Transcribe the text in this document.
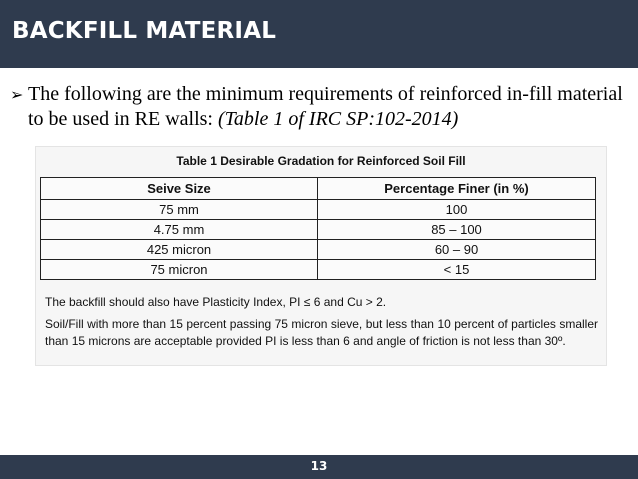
BACKFILL MATERIAL
➢ The following are the minimum requirements of reinforced in-fill material to be used in RE walls: (Table 1 of IRC SP:102-2014)
Table 1 Desirable Gradation for Reinforced Soil Fill
Seive Size	Percentage Finer (in %)
75 mm	100
4.75 mm	85 – 100
425 micron	60 – 90
75 micron	< 15

The backfill should also have Plasticity Index, PI ≤ 6 and Cu > 2.

Soil/Fill with more than 15 percent passing 75 micron sieve, but less than 10 percent of particles smaller than 15 microns are acceptable provided PI is less than 6 and angle of friction is not less than 30º.

13
